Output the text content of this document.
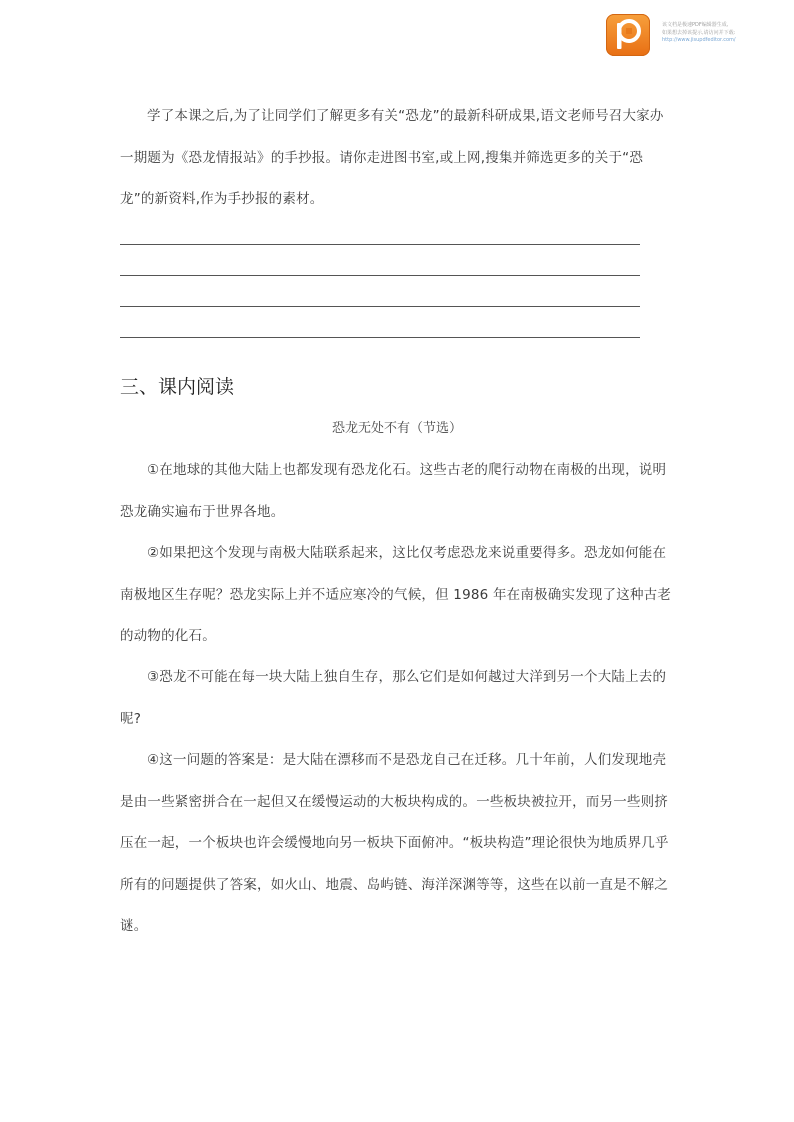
该文档是极速PDF编辑器生成,
如果想去掉该提示,请访问并下载:
http://www.jisupdfeditor.com/

学了本课之后,为了让同学们了解更多有关“恐龙”的最新科研成果,语文老师号召大家办一期题为《恐龙情报站》的手抄报。请你走进图书室,或上网,搜集并筛选更多的关于“恐龙”的新资料,作为手抄报的素材。

三、课内阅读

恐龙无处不有（节选）

①在地球的其他大陆上也都发现有恐龙化石。这些古老的爬行动物在南极的出现，说明恐龙确实遍布于世界各地。

②如果把这个发现与南极大陆联系起来，这比仅考虑恐龙来说重要得多。恐龙如何能在南极地区生存呢？恐龙实际上并不适应寒冷的气候，但 1986 年在南极确实发现了这种古老的动物的化石。

③恐龙不可能在每一块大陆上独自生存，那么它们是如何越过大洋到另一个大陆上去的呢?

④这一问题的答案是：是大陆在漂移而不是恐龙自己在迁移。几十年前，人们发现地壳是由一些紧密拼合在一起但又在缓慢运动的大板块构成的。一些板块被拉开，而另一些则挤压在一起，一个板块也许会缓慢地向另一板块下面俯冲。“板块构造”理论很快为地质界几乎所有的问题提供了答案，如火山、地震、岛屿链、海洋深渊等等，这些在以前一直是不解之谜。
